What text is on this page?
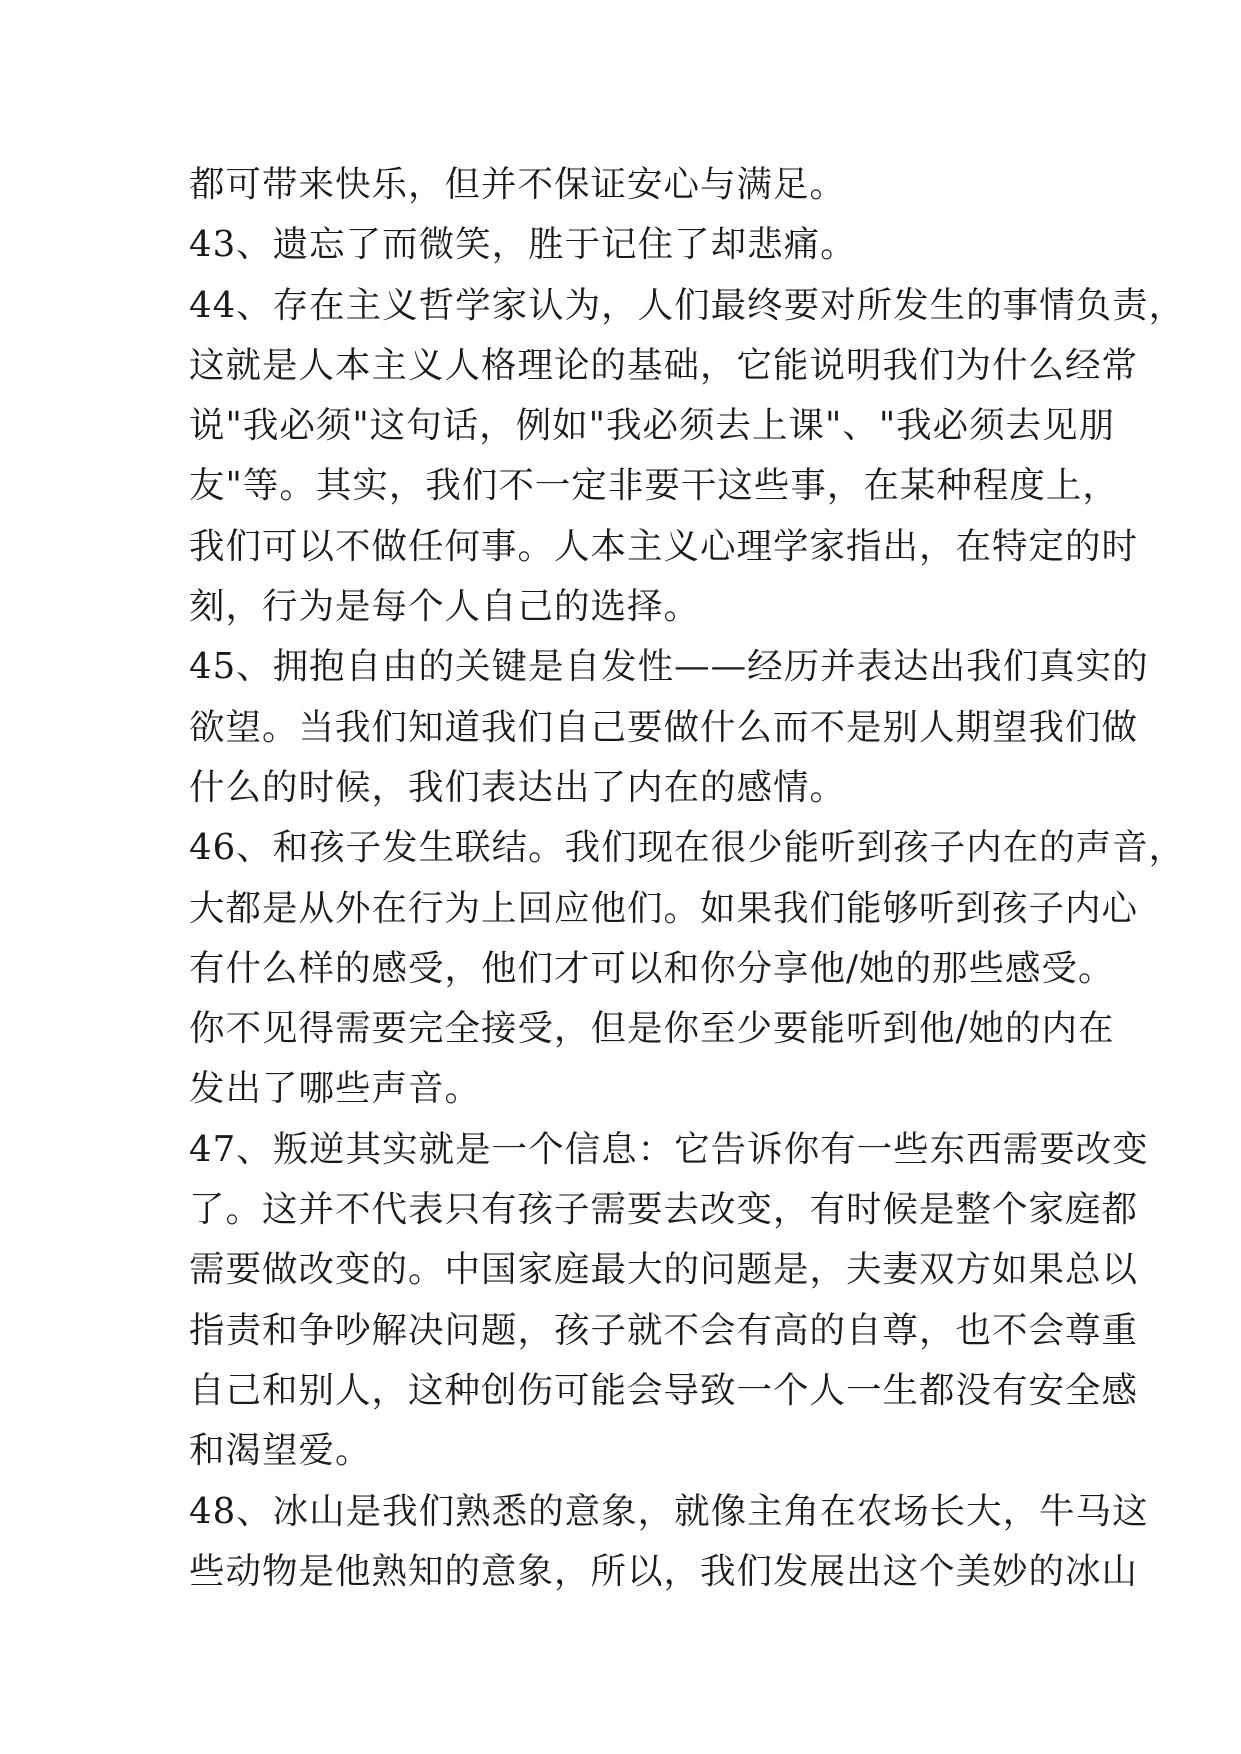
都可带来快乐，但并不保证安心与满足。
43、遗忘了而微笑，胜于记住了却悲痛。
44、存在主义哲学家认为，人们最终要对所发生的事情负责，
这就是人本主义人格理论的基础，它能说明我们为什么经常
说"我必须"这句话，例如"我必须去上课"、"我必须去见朋
友"等。其实，我们不一定非要干这些事，在某种程度上，
我们可以不做任何事。人本主义心理学家指出，在特定的时
刻，行为是每个人自己的选择。
45、拥抱自由的关键是自发性——经历并表达出我们真实的
欲望。当我们知道我们自己要做什么而不是别人期望我们做
什么的时候，我们表达出了内在的感情。
46、和孩子发生联结。我们现在很少能听到孩子内在的声音，
大都是从外在行为上回应他们。如果我们能够听到孩子内心
有什么样的感受，他们才可以和你分享他/她的那些感受。
你不见得需要完全接受，但是你至少要能听到他/她的内在
发出了哪些声音。
47、叛逆其实就是一个信息：它告诉你有一些东西需要改变
了。这并不代表只有孩子需要去改变，有时候是整个家庭都
需要做改变的。中国家庭最大的问题是，夫妻双方如果总以
指责和争吵解决问题，孩子就不会有高的自尊，也不会尊重
自己和别人，这种创伤可能会导致一个人一生都没有安全感
和渴望爱。
48、冰山是我们熟悉的意象，就像主角在农场长大，牛马这
些动物是他熟知的意象，所以，我们发展出这个美妙的冰山
